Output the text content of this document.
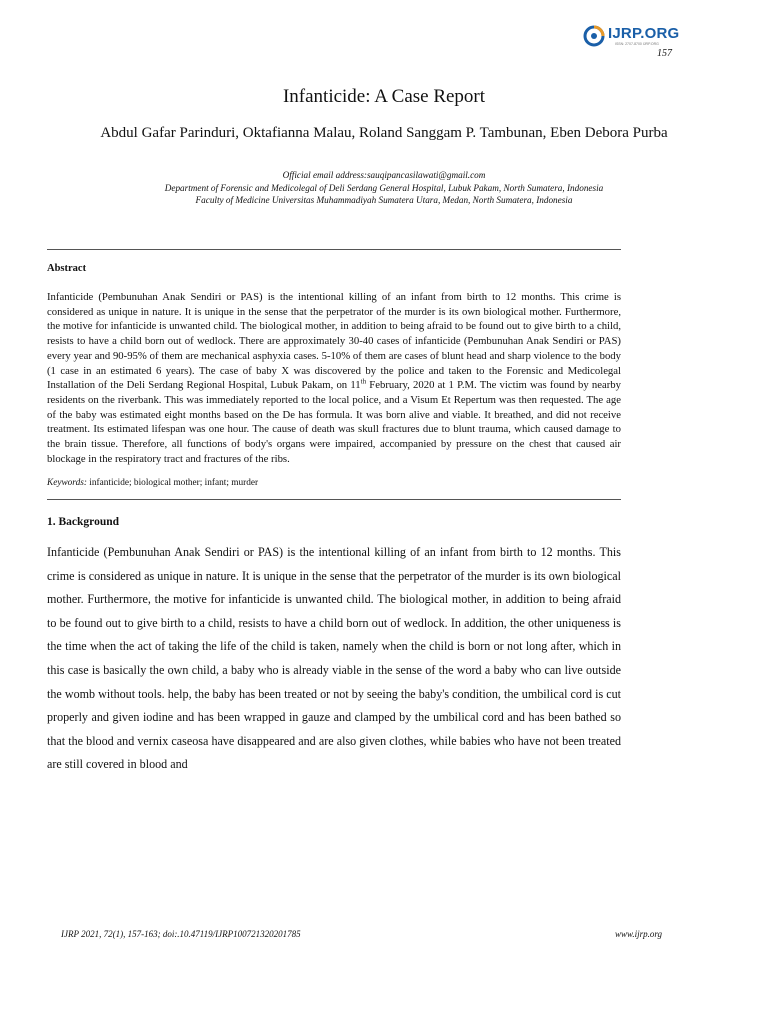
IJRP.ORG
ISSN: 2707-8700 IJRP.ORG
157
Infanticide: A Case Report
Abdul Gafar Parinduri, Oktafianna Malau, Roland Sanggam P. Tambunan, Eben Debora Purba
Official email address:sauqipancasilawati@gmail.com
Department of Forensic and Medicolegal of Deli Serdang General Hospital, Lubuk Pakam, North Sumatera, Indonesia
Faculty of Medicine Universitas Muhammadiyah Sumatera Utara, Medan, North Sumatera, Indonesia
Abstract
Infanticide (Pembunuhan Anak Sendiri or PAS) is the intentional killing of an infant from birth to 12 months. This crime is considered as unique in nature. It is unique in the sense that the perpetrator of the murder is its own biological mother. Furthermore, the motive for infanticide is unwanted child. The biological mother, in addition to being afraid to be found out to give birth to a child, resists to have a child born out of wedlock. There are approximately 30-40 cases of infanticide (Pembunuhan Anak Sendiri or PAS) every year and 90-95% of them are mechanical asphyxia cases. 5-10% of them are cases of blunt head and sharp violence to the body (1 case in an estimated 6 years). The case of baby X was discovered by the police and taken to the Forensic and Medicolegal Installation of the Deli Serdang Regional Hospital, Lubuk Pakam, on 11th February, 2020 at 1 P.M. The victim was found by nearby residents on the riverbank. This was immediately reported to the local police, and a Visum Et Repertum was then requested. The age of the baby was estimated eight months based on the De has formula. It was born alive and viable. It breathed, and did not receive treatment. Its estimated lifespan was one hour. The cause of death was skull fractures due to blunt trauma, which caused damage to the brain tissue. Therefore, all functions of body's organs were impaired, accompanied by pressure on the chest that caused air blockage in the respiratory tract and fractures of the ribs.
Keywords: infanticide; biological mother; infant; murder
1. Background
Infanticide (Pembunuhan Anak Sendiri or PAS) is the intentional killing of an infant from birth to 12 months. This crime is considered as unique in nature. It is unique in the sense that the perpetrator of the murder is its own biological mother. Furthermore, the motive for infanticide is unwanted child. The biological mother, in addition to being afraid to be found out to give birth to a child, resists to have a child born out of wedlock. In addition, the other uniqueness is the time when the act of taking the life of the child is taken, namely when the child is born or not long after, which in this case is basically the own child, a baby who is already viable in the sense of the word a baby who can live outside the womb without tools. help, the baby has been treated or not by seeing the baby's condition, the umbilical cord is cut properly and given iodine and has been wrapped in gauze and clamped by the umbilical cord and has been bathed so that the blood and vernix caseosa have disappeared and are also given clothes, while babies who have not been treated are still covered in blood and
IJRP 2021, 72(1), 157-163; doi:.10.47119/IJRP100721320201785	www.ijrp.org
